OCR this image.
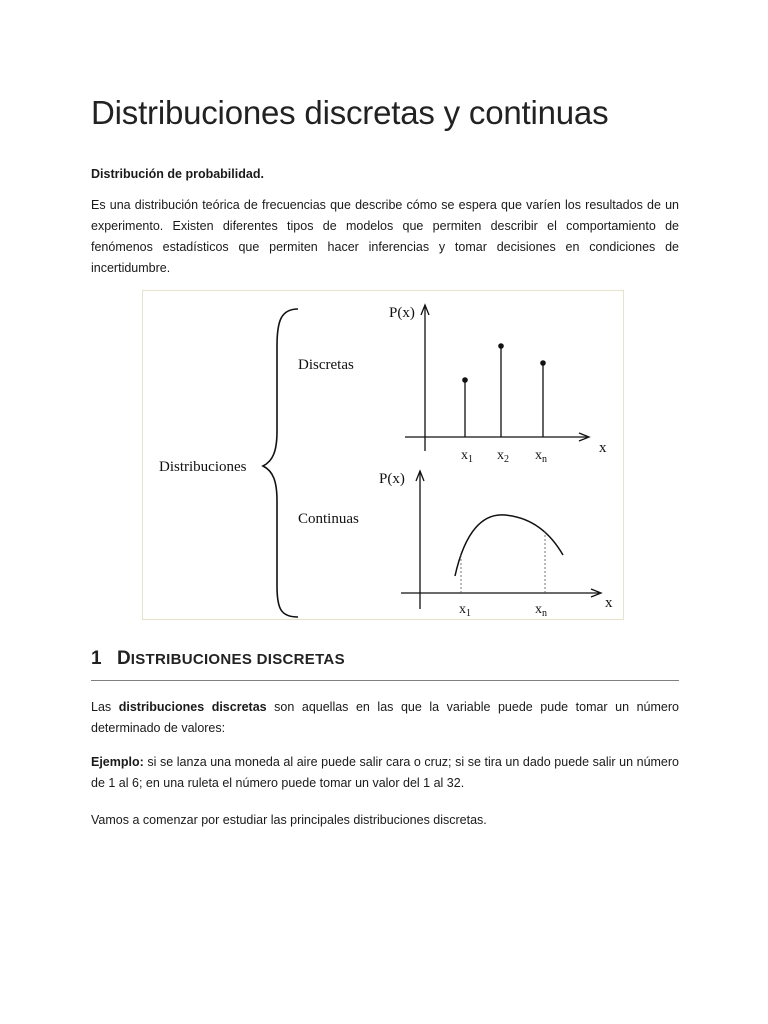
Distribuciones discretas y continuas

Distribución de probabilidad.

Es una distribución teórica de frecuencias que describe cómo se espera que varíen los resultados de un experimento. Existen diferentes tipos de modelos que permiten describir el comportamiento de fenómenos estadísticos que permiten hacer inferencias y tomar decisiones en condiciones de incertidumbre.

Distribuciones
Discretas
Continuas
P(x)
x
$x_1$ $x_2$ $x_n$
P(x)
x
$x_1$	$x_n$
1 DISTRIBUCIONES DISCRETAS

Las distribuciones discretas son aquellas en las que la variable puede pude tomar un número determinado de valores:

Ejemplo: si se lanza una moneda al aire puede salir cara o cruz; si se tira un dado puede salir un número de 1 al 6; en una ruleta el número puede tomar un valor del 1 al 32.

Vamos a comenzar por estudiar las principales distribuciones discretas.
